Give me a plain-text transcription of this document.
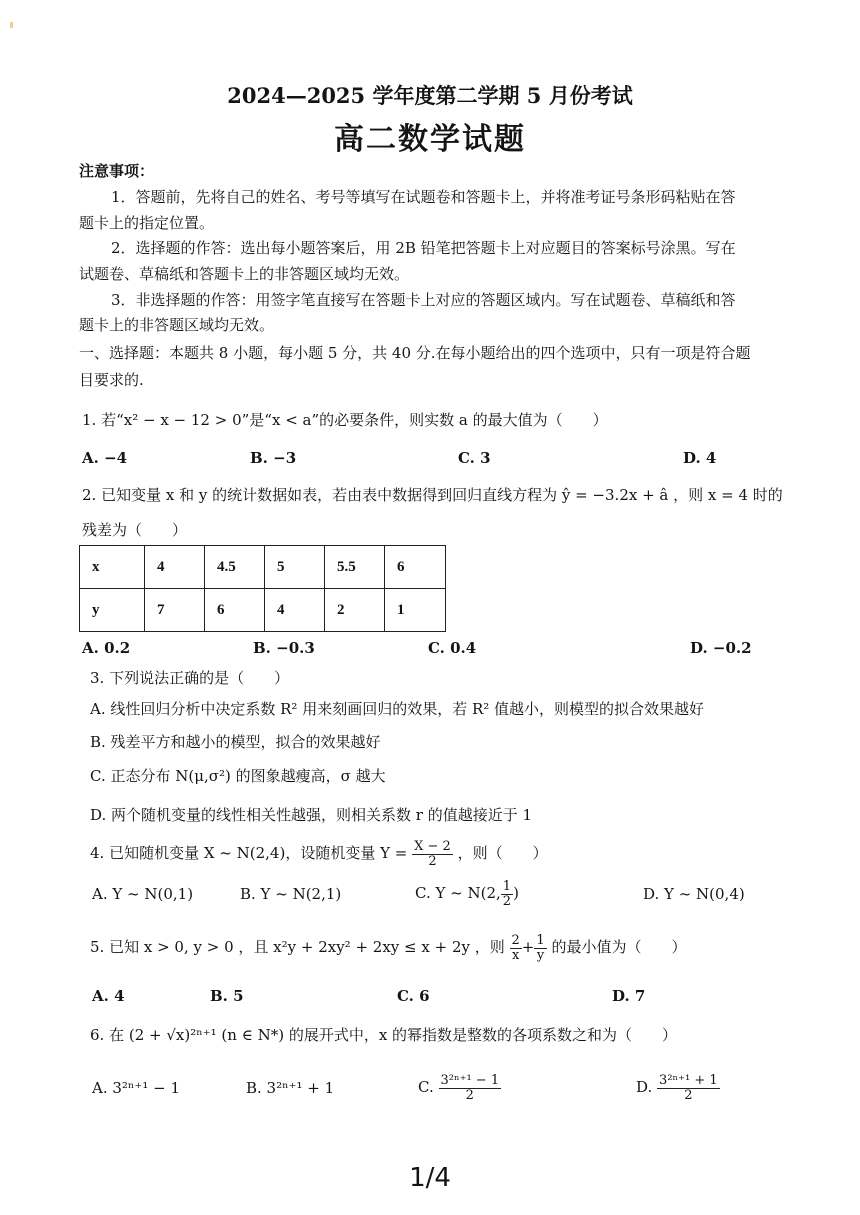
2024—2025 学年度第二学期 5 月份考试
高二数学试题
注意事项：
1．答题前，先将自己的姓名、考号等填写在试题卷和答题卡上，并将准考证号条形码粘贴在答
题卡上的指定位置。
2．选择题的作答：选出每小题答案后，用 2B 铅笔把答题卡上对应题目的答案标号涂黑。写在
试题卷、草稿纸和答题卡上的非答题区域均无效。
3．非选择题的作答：用签字笔直接写在答题卡上对应的答题区域内。写在试题卷、草稿纸和答
题卡上的非答题区域均无效。
一、选择题：本题共 8 小题，每小题 5 分，共 40 分.在每小题给出的四个选项中，只有一项是符合题
目要求的.
1. 若“x² − x − 12 > 0”是“x < a”的必要条件，则实数 a 的最大值为（　　）
A. −4	B. −3	C. 3	D. 4
2. 已知变量 x 和 y 的统计数据如表，若由表中数据得到回归直线方程为 ŷ = −3.2x + â ，则 x = 4 时的
残差为（　　）
x	4	4.5	5	5.5	6
y	7	6	4	2	1
A. 0.2	B. −0.3	C. 0.4	D. −0.2
3. 下列说法正确的是（　　）
A. 线性回归分析中决定系数 R² 用来刻画回归的效果，若 R² 值越小，则模型的拟合效果越好
B. 残差平方和越小的模型，拟合的效果越好
C. 正态分布 N(μ,σ²) 的图象越瘦高，σ 越大
D. 两个随机变量的线性相关性越强，则相关系数 r 的值越接近于 1
4. 已知随机变量 X ~ N(2,4)，设随机变量 $Y = \frac{X - 2}{2}$ ，则（　　）
A. Y ~ N(0,1)	B. Y ~ N(2,1)	C. Y ~ N(2, $\frac{1}{2}$ )	D. Y ~ N(0,4)
5. 已知 x > 0, y > 0 ，且 x²y + 2xy² + 2xy ≤ x + 2y ，则 $\frac{2}{x} + \frac{1}{y}$ 的最小值为（　　）
A. 4	B. 5	C. 6	D. 7
6. 在 (2 + √x)²ⁿ⁺¹ (n ∈ N*) 的展开式中，x 的幂指数是整数的各项系数之和为（　　）
A. 3²ⁿ⁺¹ − 1	B. 3²ⁿ⁺¹ + 1	C. $\frac{\text{3²ⁿ⁺¹ − 1}}{2}$	D. $\frac{\text{3²ⁿ⁺¹ + 1}}{2}$
1/4
